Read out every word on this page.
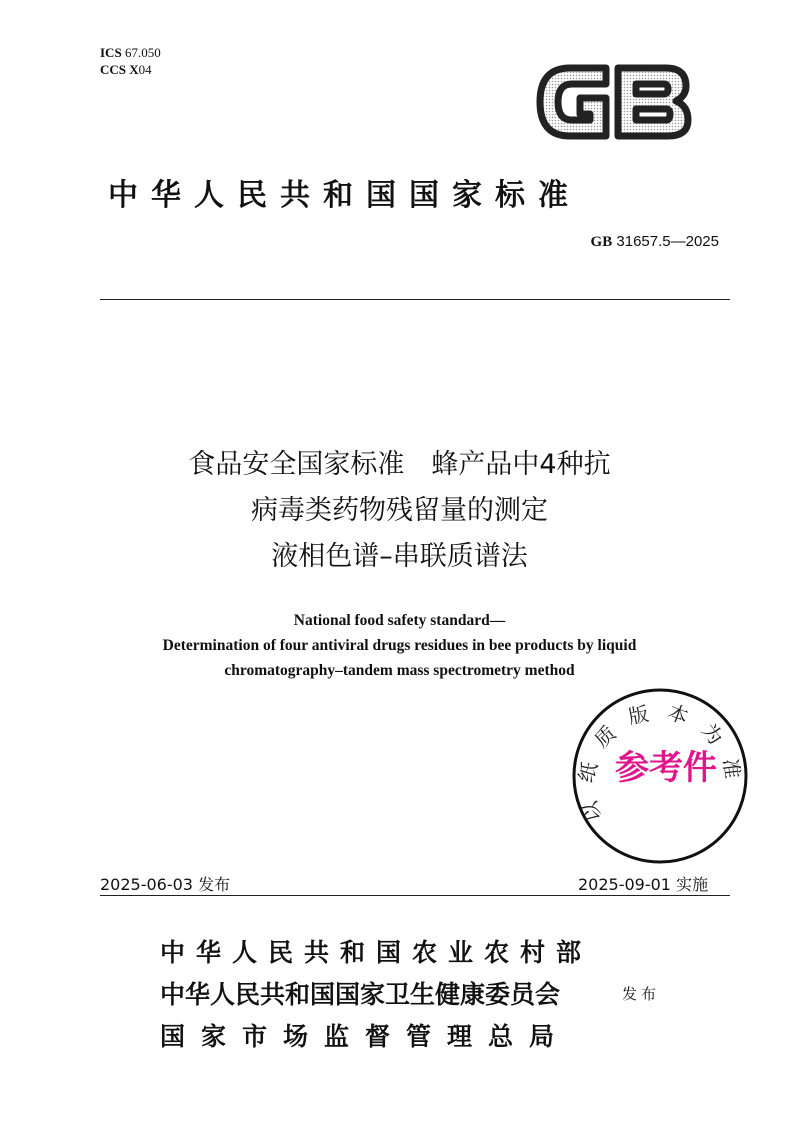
ICS 67.050
CCS X04
中华人民共和国国家标准
GB 31657.5—2025
食品安全国家标准　蜂产品中4种抗
病毒类药物残留量的测定
液相色谱–串联质谱法
National food safety standard—
Determination of four antiviral drugs residues in bee products by liquid
chromatography–tandem mass spectrometry method
2025-06-03 发布	2025-09-01 实施
中华人民共和国农业农村部
中华人民共和国国家卫生健康委员会
国家市场监督管理总局
发布
以纸质版本为准
参考件
